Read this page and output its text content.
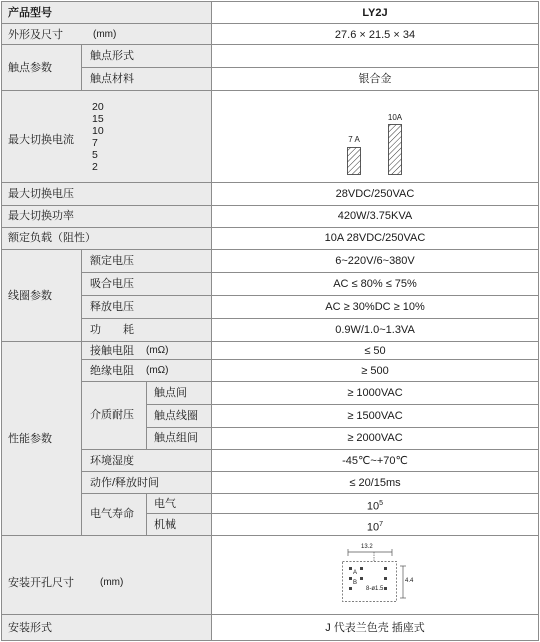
产品型号	LY2J
外形及尺寸	(mm)	27.6 × 21.5 × 34
触点参数
触点形式
触点材料	银合金
最大切换电流
20
15
10
7
5
2
7 A
10A
最大切换电压	28VDC/250VAC
最大切换功率	420W/3.75KVA
额定负载（阻性）	10A 28VDC/250VAC
线圈参数
额定电压	6~220V/6~380V
吸合电压	AC ≤ 80% ≤ 75%
释放电压	AC ≥ 30%DC ≥ 10%
功　　耗	0.9W/1.0~1.3VA
性能参数
接触电阻 (mΩ)	≤ 50
绝缘电阻 (mΩ)	≥ 500
介质耐压
触点间	≥ 1000VAC
触点线圈	≥ 1500VAC
触点组间	≥ 2000VAC
环境湿度	-45℃~+70℃
动作/释放时间	≤ 20/15ms
电气寿命
电气	$10^5$
机械	$10^7$
安装开孔尺寸	(mm)
13.2
8-ø1.5
4.4
A
B
安装形式	J 代表兰色壳 插座式
